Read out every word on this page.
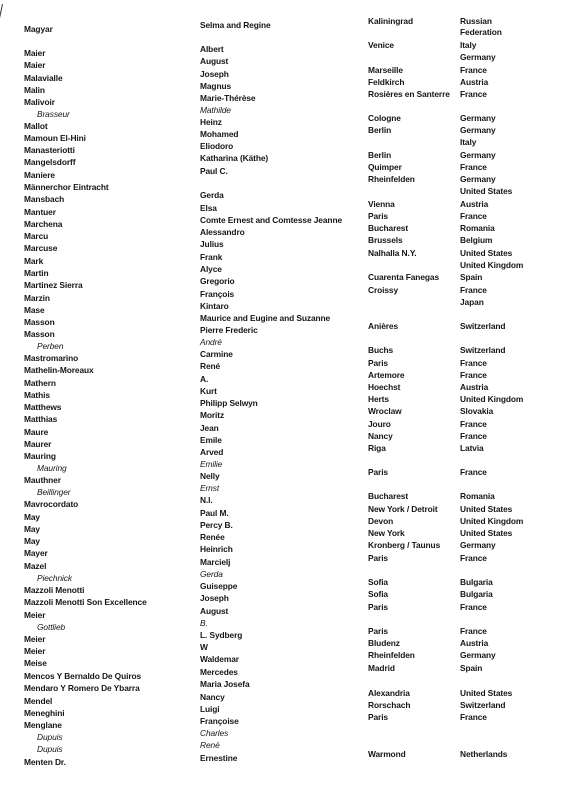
Magyar
Maier
Maier
Malavialle
Malin
Malivoir
Brasseur
Mallot
Mamoun El-Hini
Manasteriotti
Mangelsdorff
Maniere
Männerchor Eintracht
Mansbach
Mantuer
Marchena
Marcu
Marcuse
Mark
Martin
Martinez Sierra
Marzin
Mase
Masson
Masson
Perben
Mastromarino
Mathelin-Moreaux
Mathern
Mathis
Matthews
Matthias
Maure
Maurer
Mauring
Mauring
Mauthner
Beillinger
Mavrocordato
May
May
May
Mayer
Mazel
Piechnick
Mazzoli Menotti
Mazzoli Menotti Son Excellence
Meier
Gottlieb
Meier
Meier
Meise
Mencos Y Bernaldo De Quiros
Mendaro Y Romero De Ybarra
Mendel
Meneghini
Menglane
Dupuis
Dupuis
Menten Dr.
Selma and Regine
Albert
August
Joseph
Magnus
Marie-Thérèse
Mathilde
Heinz
Mohamed
Eliodoro
Katharina (Käthe)
Paul C.
Gerda
Elsa
Comte Ernest and Comtesse Jeanne
Alessandro
Julius
Frank
Alyce
Gregorio
François
Kintaro
Maurice and Eugine and Suzanne
Pierre Frederic
André
Carmine
René
A.
Kurt
Philipp Selwyn
Moritz
Jean
Emile
Arved
Emilie
Nelly
Ernst
N.I.
Paul M.
Percy B.
Renée
Heinrich
Marcielj
Gerda
Guiseppe
Joseph
August
B.
L. Sydberg
W
Waldemar
Mercedes
Maria Josefa
Nancy
Luigi
Françoise
Charles
René
Ernestine
Kaliningrad
Venice
Marseille
Feldkirch
Rosières en Santerre
Cologne
Berlin
Berlin
Quimper
Rheinfelden
Vienna
Paris
Bucharest
Brussels
Nalhalla N.Y.
Cuarenta Fanegas
Croissy
Anières
Buchs
Paris
Artemore
Hoechst
Herts
Wroclaw
Jouro
Nancy
Riga
Paris
Bucharest
New York / Detroit
Devon
New York
Kronberg / Taunus
Paris
Sofia
Sofia
Paris
Paris
Bludenz
Rheinfelden
Madrid
Alexandria
Rorschach
Paris
Warmond
Russian
Federation
Italy
Germany
France
Austria
France
Germany
Germany
Italy
Germany
France
Germany
United States
Austria
France
Romania
Belgium
United States
United Kingdom
Spain
France
Japan
Switzerland
Switzerland
France
France
Austria
United Kingdom
Slovakia
France
France
Latvia
France
Romania
United States
United Kingdom
United States
Germany
France
Bulgaria
Bulgaria
France
France
Austria
Germany
Spain
United States
Switzerland
France
Netherlands
